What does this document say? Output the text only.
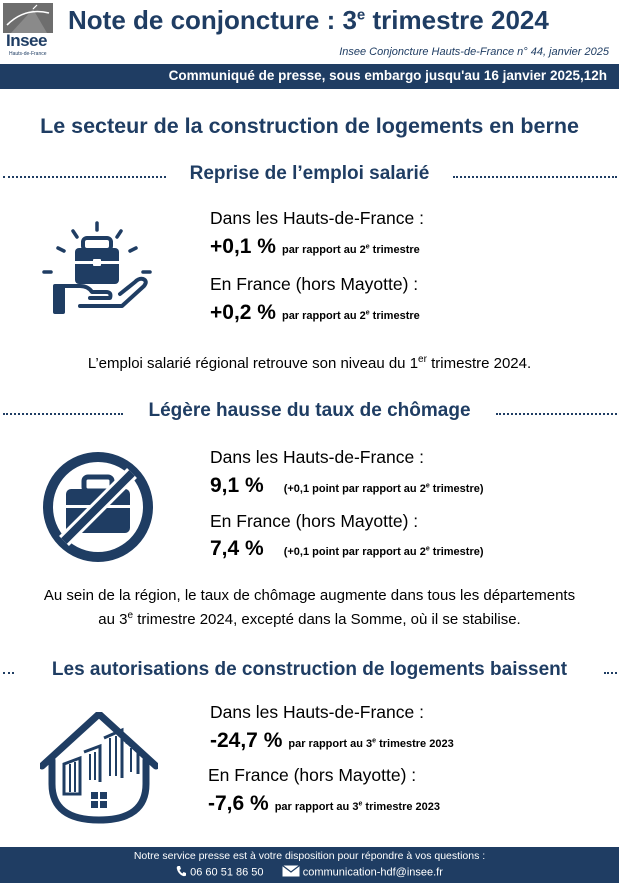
Insee
Hauts-de-France
Note de conjoncture : 3e trimestre 2024
Insee Conjoncture Hauts-de-France n° 44, janvier 2025
Communiqué de presse, sous embargo jusqu'au 16 janvier 2025,12h
Le secteur de la construction de logements en berne
Reprise de l’emploi salarié
Dans les Hauts-de-France :
+0,1 % par rapport au 2e trimestre
En France (hors Mayotte) :
+0,2 % par rapport au 2e trimestre
L’emploi salarié régional retrouve son niveau du 1er trimestre 2024.
Légère hausse du taux de chômage
Dans les Hauts-de-France :
9,1 % (+0,1 point par rapport au 2e trimestre)
En France (hors Mayotte) :
7,4 % (+0,1 point par rapport au 2e trimestre)
Au sein de la région, le taux de chômage augmente dans tous les départements
au 3e trimestre 2024, excepté dans la Somme, où il se stabilise.
Les autorisations de construction de logements baissent
Dans les Hauts-de-France :
-24,7 % par rapport au 3e trimestre 2023
En France (hors Mayotte) :
-7,6 % par rapport au 3e trimestre 2023
Notre service presse est à votre disposition pour répondre à vos questions :
06 60 51 86 50	communication-hdf@insee.fr
